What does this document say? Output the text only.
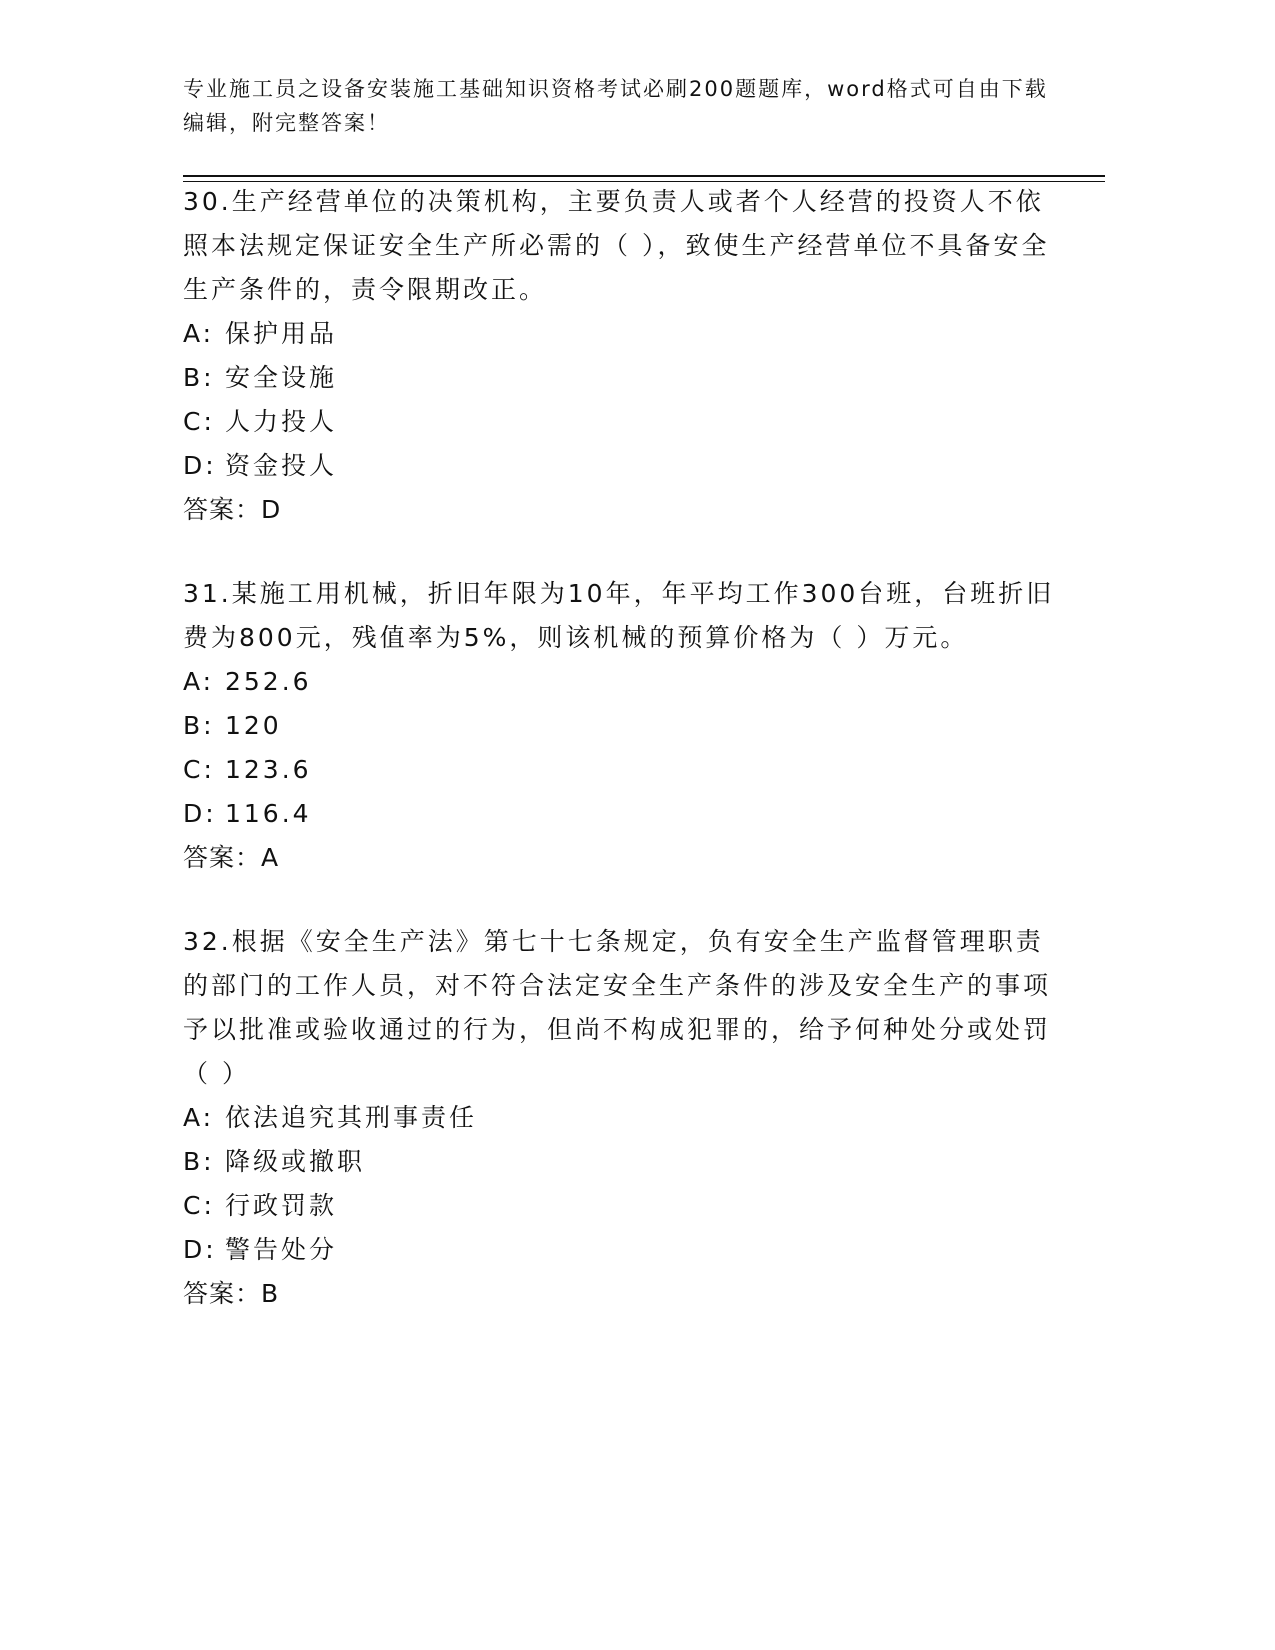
专业施工员之设备安装施工基础知识资格考试必刷200题题库，word格式可自由下载编辑，附完整答案！

30.生产经营单位的决策机构，主要负责人或者个人经营的投资人不依照本法规定保证安全生产所必需的（ ），致使生产经营单位不具备安全生产条件的，责令限期改正。

A: 保护用品

B: 安全设施

C: 人力投人

D: 资金投人

答案：D

31.某施工用机械，折旧年限为10年，年平均工作300台班，台班折旧费为800元，残值率为5%，则该机械的预算价格为（ ）万元。

A: 252.6

B: 120

C: 123.6

D: 116.4

答案：A

32.根据《安全生产法》第七十七条规定，负有安全生产监督管理职责的部门的工作人员，对不符合法定安全生产条件的涉及安全生产的事项予以批准或验收通过的行为，但尚不构成犯罪的，给予何种处分或处罚（ ）

A: 依法追究其刑事责任

B: 降级或撤职

C: 行政罚款

D: 警告处分

答案：B
